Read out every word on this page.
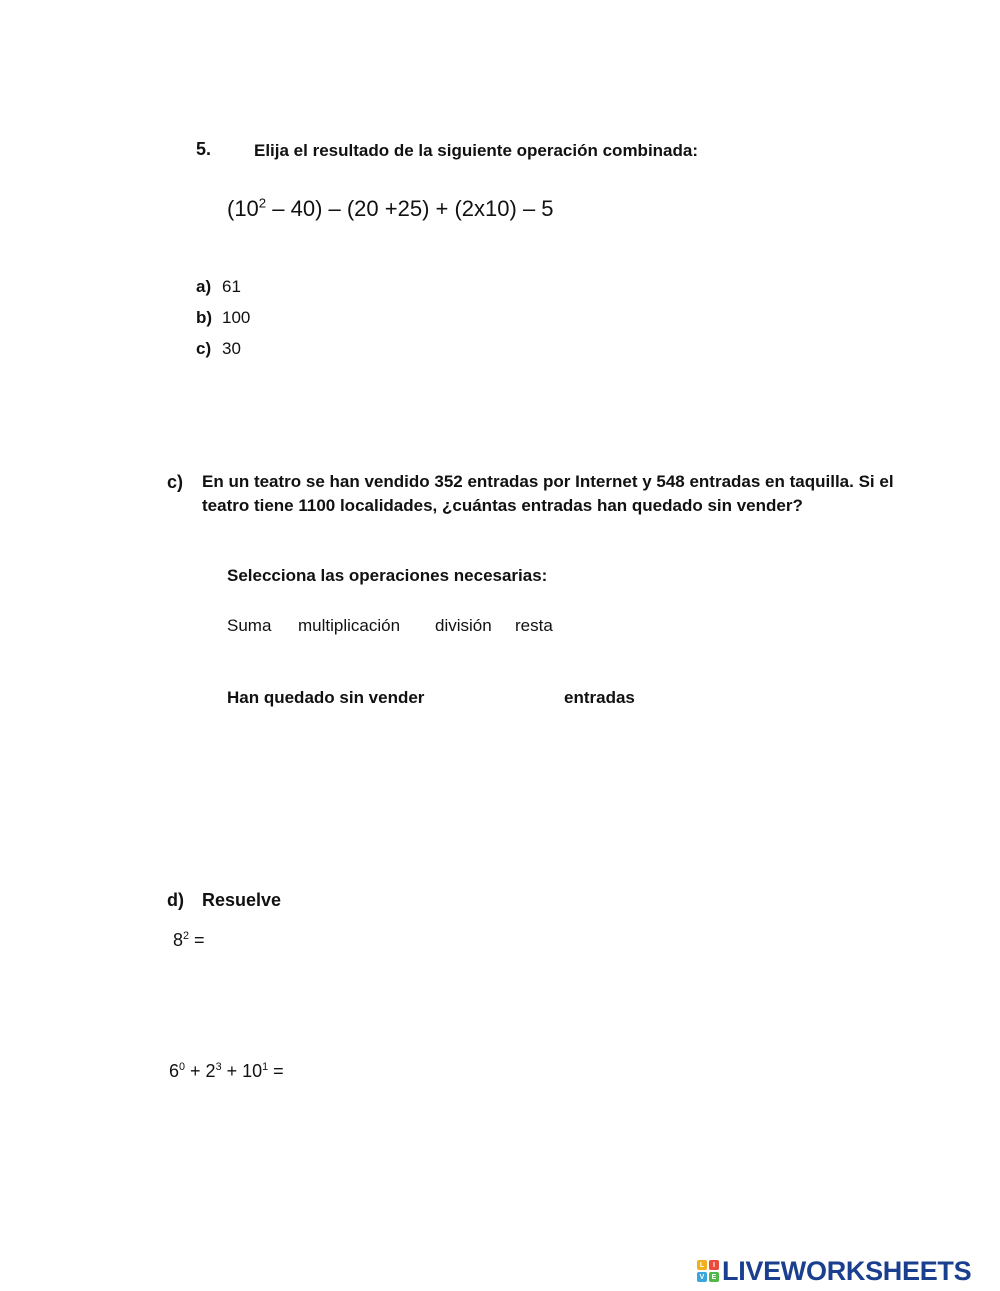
5.	Elija el resultado de la siguiente operación combinada:
$(10^2 - 40) - (20 +25) + (2x10) - 5$
a) 61
b) 100
c) 30
c) En un teatro se han vendido 352 entradas por Internet y 548 entradas en taquilla. Si el teatro tiene 1100 localidades, ¿cuántas entradas han quedado sin vender?
Selecciona las operaciones necesarias:
Suma multiplicación división resta
Han quedado sin vender	entradas
d) Resuelve
$8^2$ =
$6^0 + 2^3 + 10^1$ =
L	I
V	E LIVEWORKSHEETS
